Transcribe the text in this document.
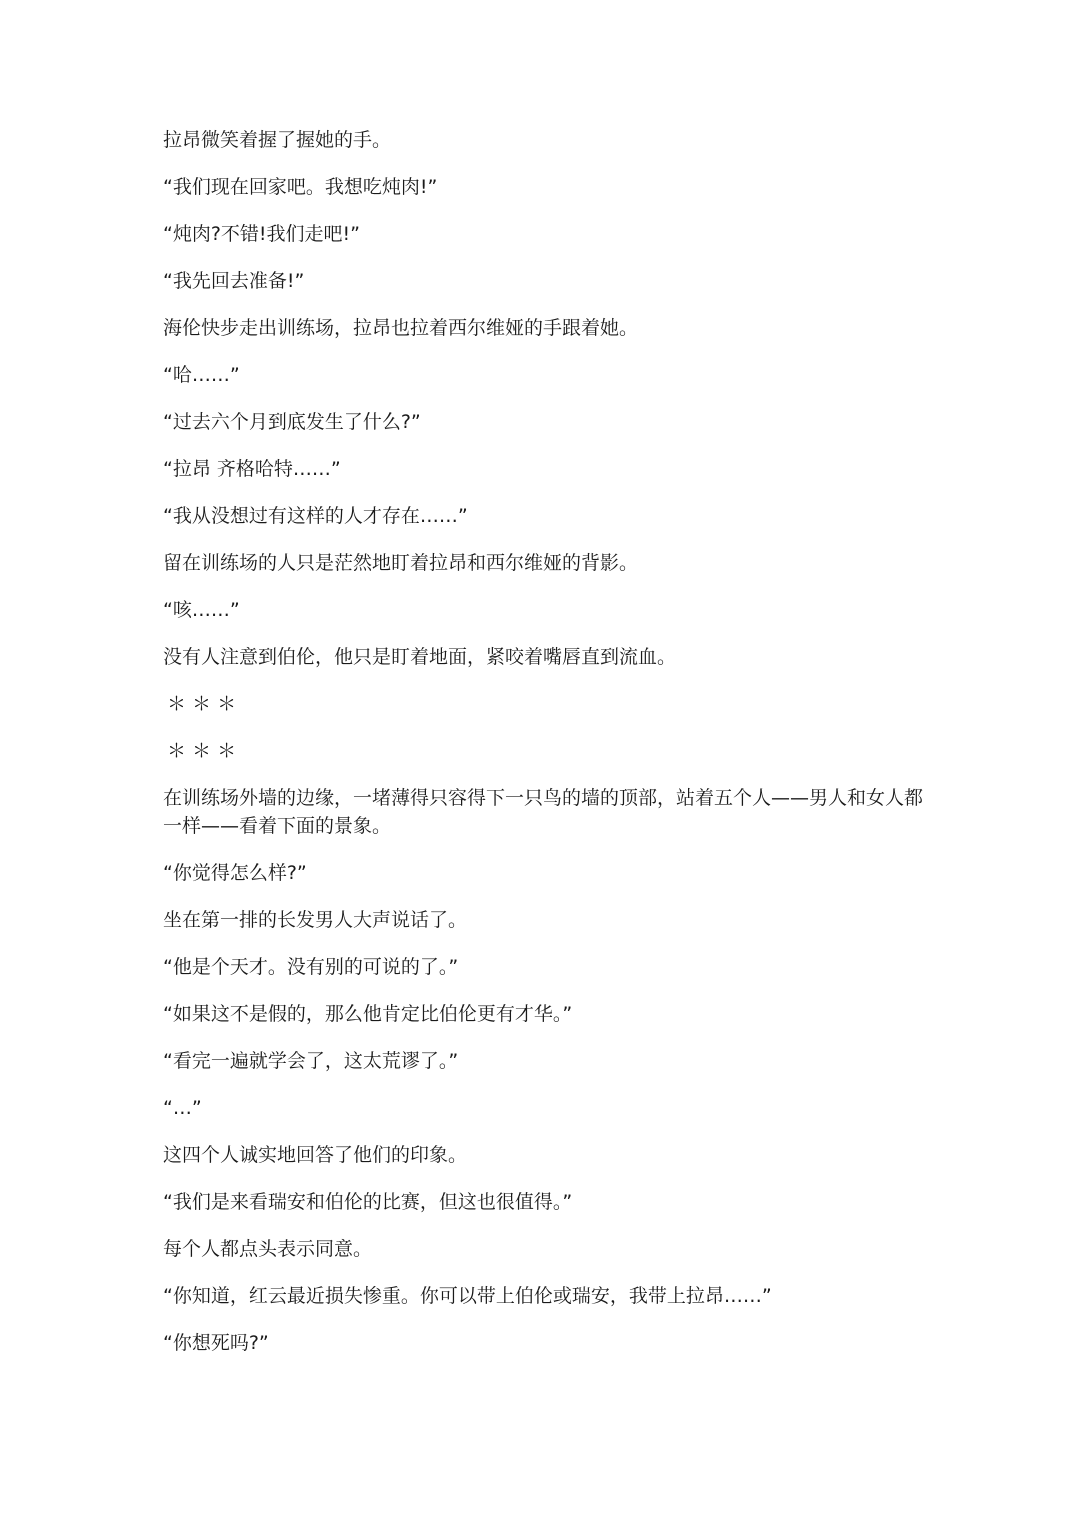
拉昂微笑着握了握她的手。

“我们现在回家吧。我想吃炖肉!”

“炖肉?不错!我们走吧!”

“我先回去准备!”

海伦快步走出训练场，拉昂也拉着西尔维娅的手跟着她。

“哈……”

“过去六个月到底发生了什么?”

“拉昂 齐格哈特……”

“我从没想过有这样的人才存在……”

留在训练场的人只是茫然地盯着拉昂和西尔维娅的背影。

“咳……”

没有人注意到伯伦，他只是盯着地面，紧咬着嘴唇直到流血。

＊ ＊ ＊

＊ ＊ ＊

在训练场外墙的边缘，一堵薄得只容得下一只鸟的墙的顶部，站着五个人——男人和女人都一样——看着下面的景象。

“你觉得怎么样?”

坐在第一排的长发男人大声说话了。

“他是个天才。没有别的可说的了。”

“如果这不是假的，那么他肯定比伯伦更有才华。”

“看完一遍就学会了，这太荒谬了。”

“…”

这四个人诚实地回答了他们的印象。

“我们是来看瑞安和伯伦的比赛，但这也很值得。”

每个人都点头表示同意。

“你知道，红云最近损失惨重。你可以带上伯伦或瑞安，我带上拉昂……”

“你想死吗?”
